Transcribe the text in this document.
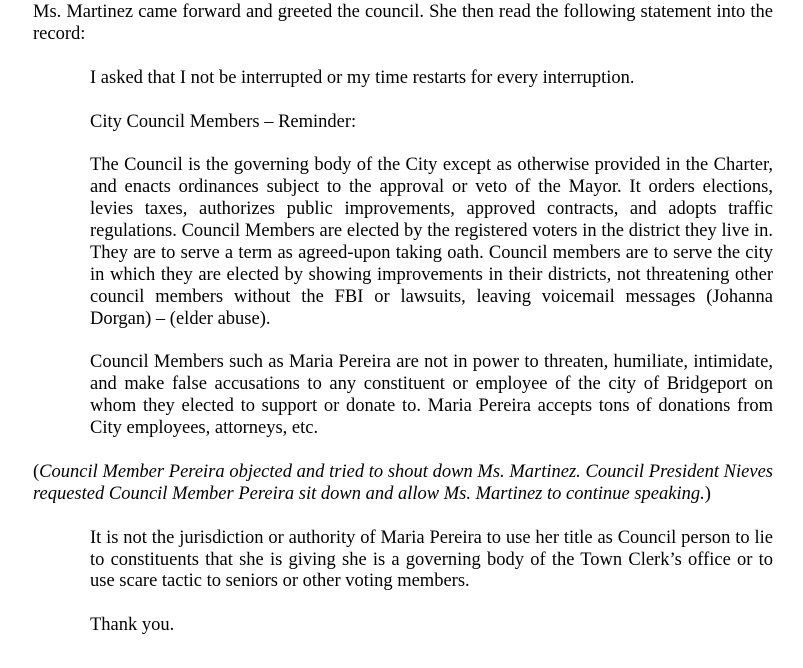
Ms. Martinez came forward and greeted the council. She then read the following statement into the record:

I asked that I not be interrupted or my time restarts for every interruption.

City Council Members – Reminder:

The Council is the governing body of the City except as otherwise provided in the Charter, and enacts ordinances subject to the approval or veto of the Mayor. It orders elections, levies taxes, authorizes public improvements, approved contracts, and adopts traffic regulations. Council Members are elected by the registered voters in the district they live in. They are to serve a term as agreed-upon taking oath. Council members are to serve the city in which they are elected by showing improvements in their districts, not threatening other council members without the FBI or lawsuits, leaving voicemail messages (Johanna Dorgan) – (elder abuse).

Council Members such as Maria Pereira are not in power to threaten, humiliate, intimidate, and make false accusations to any constituent or employee of the city of Bridgeport on whom they elected to support or donate to. Maria Pereira accepts tons of donations from City employees, attorneys, etc.

(Council Member Pereira objected and tried to shout down Ms. Martinez. Council President Nieves requested Council Member Pereira sit down and allow Ms. Martinez to continue speaking.)

It is not the jurisdiction or authority of Maria Pereira to use her title as Council person to lie to constituents that she is giving she is a governing body of the Town Clerk’s office or to use scare tactic to seniors or other voting members.

Thank you.
